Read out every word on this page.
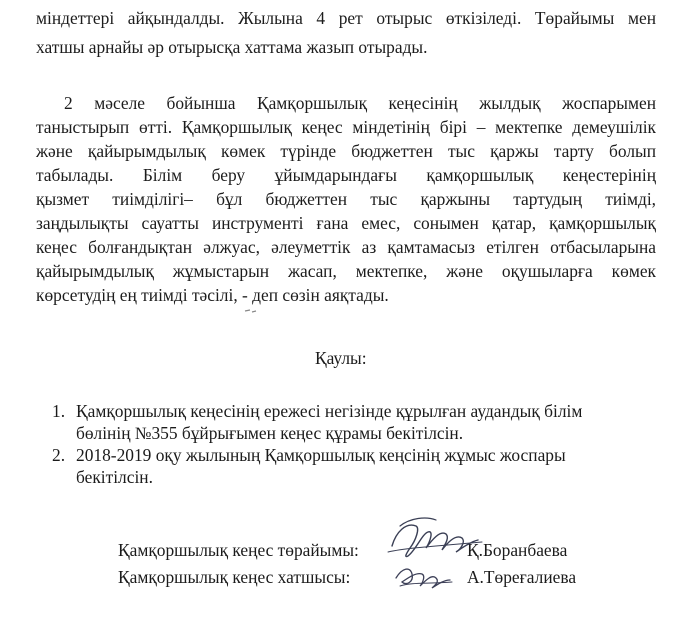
міндеттері айқындалды. Жылына 4 рет отырыс өткізіледі. Төрайымы мен
хатшы арнайы әр отырысқа хаттама жазып отырады.
2 мәселе бойынша Қамқоршылық кеңесінің жылдық жоспарымен
таныстырып өтті. Қамқоршылық кеңес міндетінің бірі – мектепке демеушілік
және қайырымдылық көмек түрінде бюджеттен тыс қаржы тарту болып
табылады. Білім беру ұйымдарындағы қамқоршылық кеңестерінің
қызмет тиімділігі– бұл бюджеттен тыс қаржыны тартудың тиімді,
заңдылықты сауатты инструменті ғана емес, сонымен қатар, қамқоршылық
кеңес болғандықтан әлжуас, әлеуметтік аз қамтамасыз етілген отбасыларына
қайырымдылық жұмыстарын жасап, мектепке, және оқушыларға көмек
көрсетудің ең тиімді тәсілі, - деп сөзін аяқтады.
Қаулы:
1. Қамқоршылық кеңесінің ережесі негізінде құрылған аудандық білім
бөлінің №355 бұйрығымен кеңес құрамы бекітілсін.
2. 2018-2019 оқу жылының Қамқоршылық кеңсінің жұмыс жоспары
бекітілсін.
Қамқоршылық кеңес төрайымы:	Қ.Боранбаева
Қамқоршылық кеңес хатшысы:	А.Төреғалиева
